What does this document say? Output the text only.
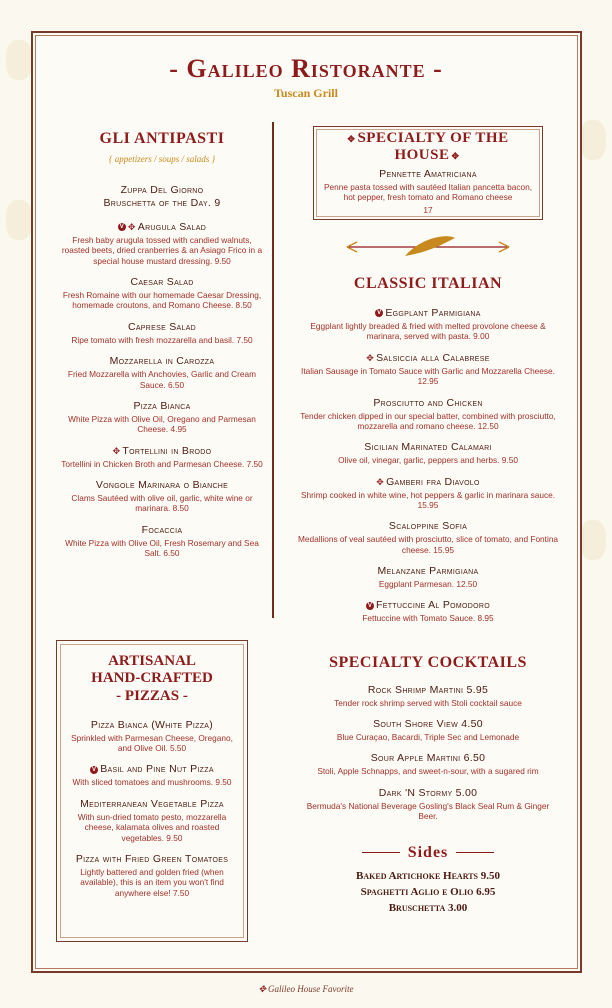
- Galileo Ristorante -
Tuscan Grill
GLI ANTIPASTI
{ appetizers / soups / salads }
Zuppa Del Giorno
Bruschetta of the Day. 9
V ✥ Arugula Salad
Fresh baby arugula tossed with candied walnuts, roasted beets, dried cranberries & an Asiago Frico in a special house mustard dressing. 9.50
Caesar Salad
Fresh Romaine with our homemade Caesar Dressing, homemade croutons, and Romano Cheese. 8.50
Caprese Salad
Ripe tomato with fresh mozzarella and basil. 7.50
Mozzarella in Carozza
Fried Mozzarella with Anchovies, Garlic and Cream Sauce. 6.50
Pizza Bianca
White Pizza with Olive Oil, Oregano and Parmesan Cheese. 4.95
✥ Tortellini in Brodo
Tortellini in Chicken Broth and Parmesan Cheese. 7.50
Vongole Marinara o Bianche
Clams Sautéed with olive oil, garlic, white wine or marinara. 8.50
Focaccia
White Pizza with Olive Oil, Fresh Rosemary and Sea Salt. 6.50
ARTISANAL
HAND-CRAFTED
- PIZZAS -
Pizza Bianca (White Pizza)
Sprinkled with Parmesan Cheese, Oregano, and Olive Oil. 5.50
V Basil and Pine Nut Pizza
With sliced tomatoes and mushrooms. 9.50
Mediterranean Vegetable Pizza
With sun-dried tomato pesto, mozzarella cheese, kalamata olives and roasted vegetables. 9.50
Pizza with Fried Green Tomatoes
Lightly battered and golden fried (when available), this is an item you won't find anywhere else! 7.50
✥ SPECIALTY OF THE HOUSE ✥
Pennette Amatriciana
Penne pasta tossed with sautéed Italian pancetta bacon, hot pepper, fresh tomato and Romano cheese
17
CLASSIC ITALIAN
V Eggplant Parmigiana
Eggplant lightly breaded & fried with melted provolone cheese & marinara, served with pasta. 9.00
✥ Salsiccia alla Calabrese
Italian Sausage in Tomato Sauce with Garlic and Mozzarella Cheese. 12.95
Prosciutto and Chicken
Tender chicken dipped in our special batter, combined with prosciutto, mozzarella and romano cheese. 12.50
Sicilian Marinated Calamari
Olive oil, vinegar, garlic, peppers and herbs. 9.50
✥ Gamberi fra Diavolo
Shrimp cooked in white wine, hot peppers & garlic in marinara sauce. 15.95
Scaloppine Sofia
Medallions of veal sautéed with prosciutto, slice of tomato, and Fontina cheese. 15.95
Melanzane Parmigiana
Eggplant Parmesan. 12.50
V Fettuccine Al Pomodoro
Fettuccine with Tomato Sauce. 8.95
SPECIALTY COCKTAILS
Rock Shrimp Martini 5.95
Tender rock shrimp served with Stoli cocktail sauce
South Shore View 4.50
Blue Curaçao, Bacardi, Triple Sec and Lemonade
Sour Apple Martini 6.50
Stoli, Apple Schnapps, and sweet-n-sour, with a sugared rim
Dark 'N Stormy 5.00
Bermuda's National Beverage Gosling's Black Seal Rum & Ginger Beer.
Sides
Baked Artichoke Hearts 9.50
Spaghetti Aglio e Olio 6.95
Bruschetta 3.00
✥ Galileo House Favorite
